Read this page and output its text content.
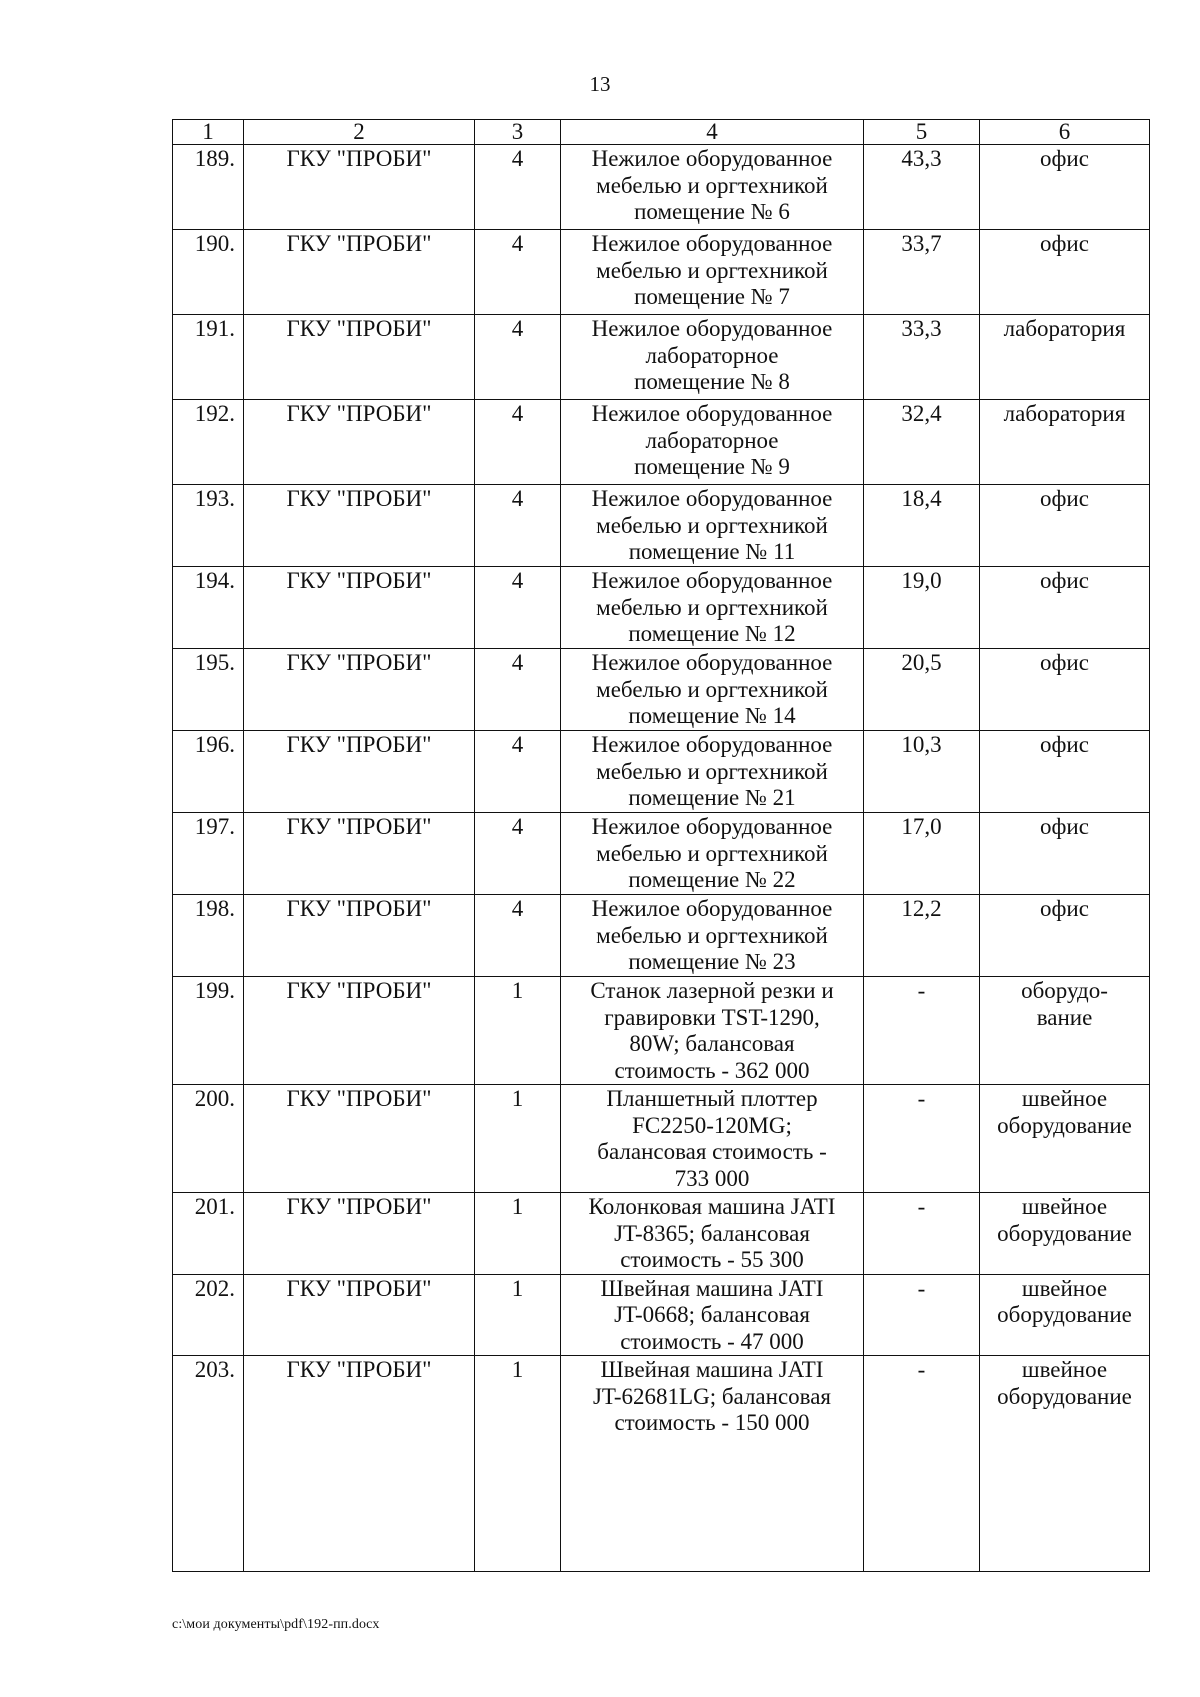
13
1	2	3	4	5	6
189.	ГКУ "ПРОБИ"	4	Нежилое оборудованное мебелью и оргтехникой помещение № 6	43,3	офис
190.	ГКУ "ПРОБИ"	4	Нежилое оборудованное мебелью и оргтехникой помещение № 7	33,7	офис
191.	ГКУ "ПРОБИ"	4	Нежилое оборудованное лабораторное помещение № 8	33,3	лаборатория
192.	ГКУ "ПРОБИ"	4	Нежилое оборудованное лабораторное помещение № 9	32,4	лаборатория
193.	ГКУ "ПРОБИ"	4	Нежилое оборудованное мебелью и оргтехникой помещение № 11	18,4	офис
194.	ГКУ "ПРОБИ"	4	Нежилое оборудованное мебелью и оргтехникой помещение № 12	19,0	офис
195.	ГКУ "ПРОБИ"	4	Нежилое оборудованное мебелью и оргтехникой помещение № 14	20,5	офис
196.	ГКУ "ПРОБИ"	4	Нежилое оборудованное мебелью и оргтехникой помещение № 21	10,3	офис
197.	ГКУ "ПРОБИ"	4	Нежилое оборудованное мебелью и оргтехникой помещение № 22	17,0	офис
198.	ГКУ "ПРОБИ"	4	Нежилое оборудованное мебелью и оргтехникой помещение № 23	12,2	офис
199.	ГКУ "ПРОБИ"	1	Станок лазерной резки и гравировки TST-1290, 80W; балансовая стоимость - 362 000	-	оборудо-вание
200.	ГКУ "ПРОБИ"	1	Планшетный плоттер FC2250-120MG; балансовая стоимость - 733 000	-	швейное оборудование
201.	ГКУ "ПРОБИ"	1	Колонковая машина JATI JT-8365; балансовая стоимость - 55 300	-	швейное оборудование
202.	ГКУ "ПРОБИ"	1	Швейная машина JATI JT-0668; балансовая стоимость - 47 000	-	швейное оборудование
203.	ГКУ "ПРОБИ"	1	Швейная машина JATI JT-62681LG; балансовая стоимость - 150 000	-	швейное оборудование
c:\мои документы\pdf\192-пп.docx
